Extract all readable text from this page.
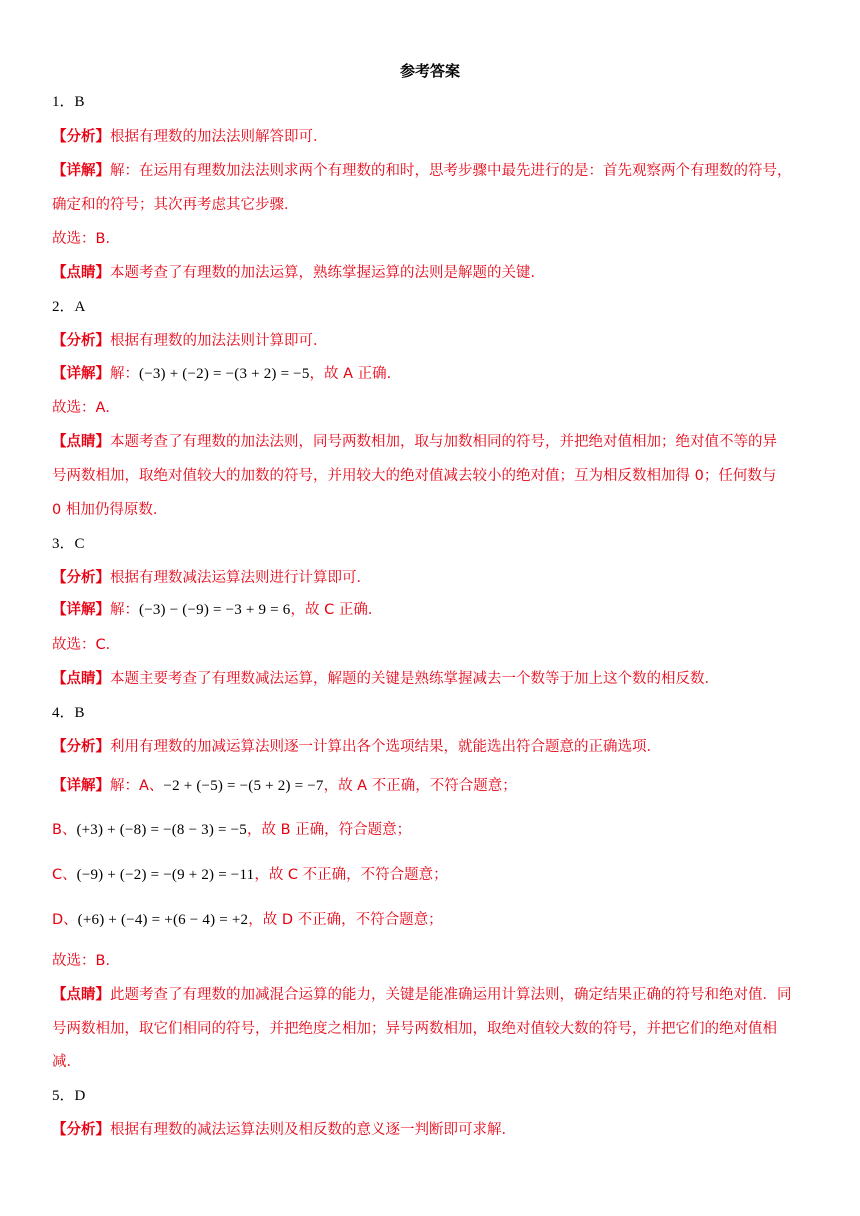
参考答案
1．B
【分析】根据有理数的加法法则解答即可．
【详解】解：在运用有理数加法法则求两个有理数的和时，思考步骤中最先进行的是：首先观察两个有理数的符号，
确定和的符号；其次再考虑其它步骤．
故选：B．
【点睛】本题考查了有理数的加法运算，熟练掌握运算的法则是解题的关键．
2．A
【分析】根据有理数的加法法则计算即可．
【详解】解：(−3) + (−2) = −(3 + 2) = −5，故 A 正确．
故选：A．
【点睛】本题考查了有理数的加法法则，同号两数相加，取与加数相同的符号，并把绝对值相加；绝对值不等的异
号两数相加，取绝对值较大的加数的符号，并用较大的绝对值减去较小的绝对值；互为相反数相加得 0；任何数与
0 相加仍得原数．
3．C
【分析】根据有理数减法运算法则进行计算即可．
【详解】解：(−3) − (−9) = −3 + 9 = 6，故 C 正确．
故选：C．
【点睛】本题主要考查了有理数减法运算，解题的关键是熟练掌握减去一个数等于加上这个数的相反数．
4．B
【分析】利用有理数的加减运算法则逐一计算出各个选项结果，就能选出符合题意的正确选项．
【详解】解：A、−2 + (−5) = −(5 + 2) = −7，故 A 不正确，不符合题意；
B、(+3) + (−8) = −(8 − 3) = −5，故 B 正确，符合题意；
C、(−9) + (−2) = −(9 + 2) = −11，故 C 不正确，不符合题意；
D、(+6) + (−4) = +(6 − 4) = +2，故 D 不正确，不符合题意；
故选：B．
【点睛】此题考查了有理数的加减混合运算的能力，关键是能准确运用计算法则，确定结果正确的符号和绝对值．同
号两数相加，取它们相同的符号，并把绝度之相加；异号两数相加，取绝对值较大数的符号，并把它们的绝对值相
减．
5．D
【分析】根据有理数的减法运算法则及相反数的意义逐一判断即可求解．
